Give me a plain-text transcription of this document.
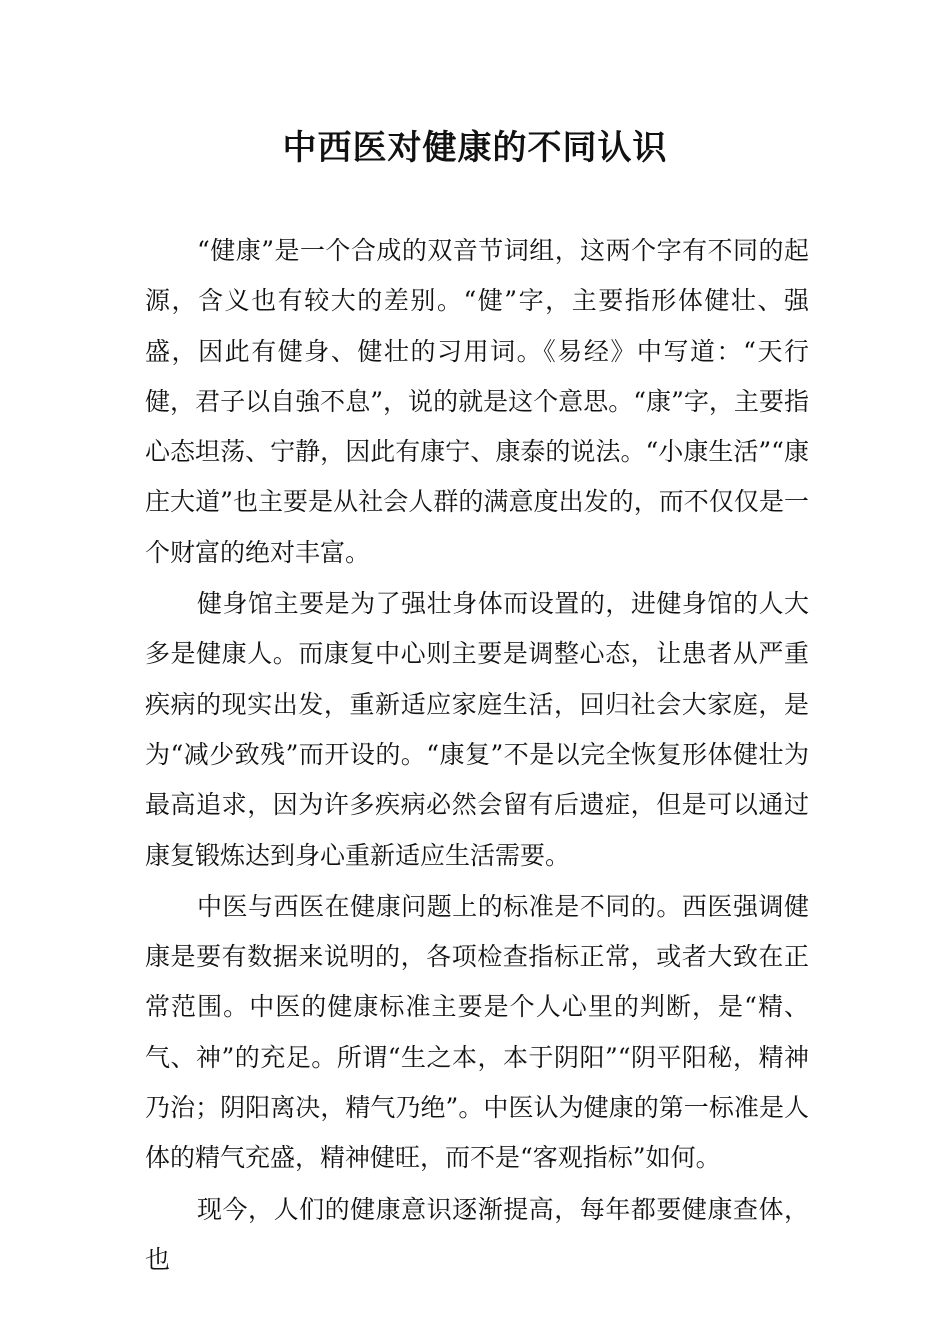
中西医对健康的不同认识

“健康”是一个合成的双音节词组，这两个字有不同的起源，含义也有较大的差别。“健”字，主要指形体健壮、强盛，因此有健身、健壮的习用词。《易经》中写道：“天行健，君子以自強不息”，说的就是这个意思。“康”字，主要指心态坦荡、宁静，因此有康宁、康泰的说法。“小康生活”“康庄大道”也主要是从社会人群的满意度出发的，而不仅仅是一个财富的绝对丰富。

健身馆主要是为了强壮身体而设置的，进健身馆的人大多是健康人。而康复中心则主要是调整心态，让患者从严重疾病的现实出发，重新适应家庭生活，回归社会大家庭，是为“减少致残”而开设的。“康复”不是以完全恢复形体健壮为最高追求，因为许多疾病必然会留有后遗症，但是可以通过康复锻炼达到身心重新适应生活需要。

中医与西医在健康问题上的标准是不同的。西医强调健康是要有数据来说明的，各项检查指标正常，或者大致在正常范围。中医的健康标准主要是个人心里的判断，是“精、气、神”的充足。所谓“生之本，本于阴阳”“阴平阳秘，精神乃治；阴阳离决，精气乃绝”。中医认为健康的第一标准是人体的精气充盛，精神健旺，而不是“客观指标”如何。

现今，人们的健康意识逐渐提高，每年都要健康查体，也
